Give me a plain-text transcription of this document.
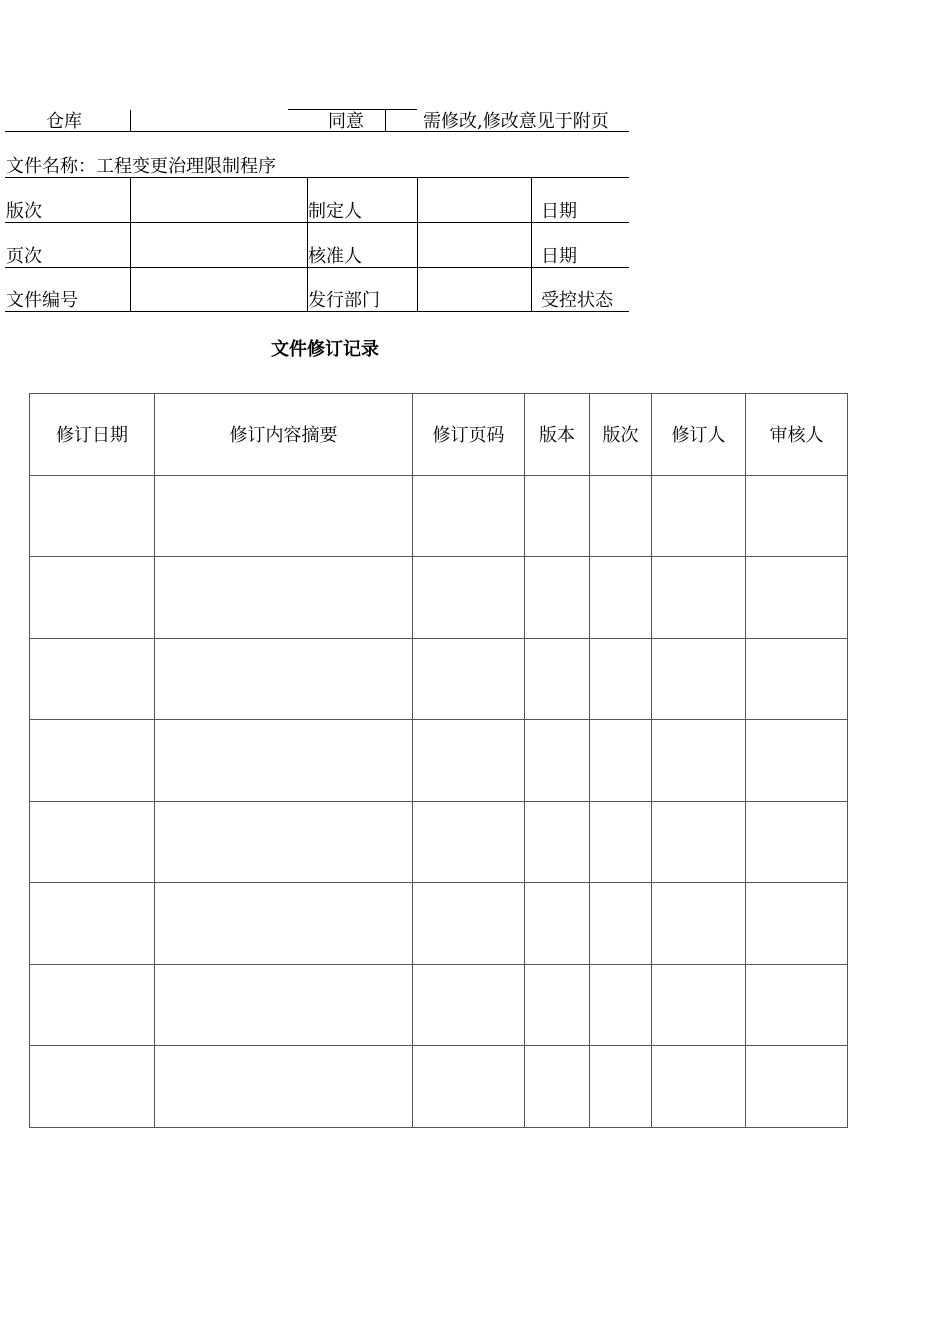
仓库	同意	需修改,修改意见于附页
文件名称：工程变更治理限制程序
版次	制定人	日期
页次	核准人	日期
文件编号	发行部门	受控状态
文件修订记录
修订日期	修订内容摘要	修订页码	版本	版次	修订人	审核人
